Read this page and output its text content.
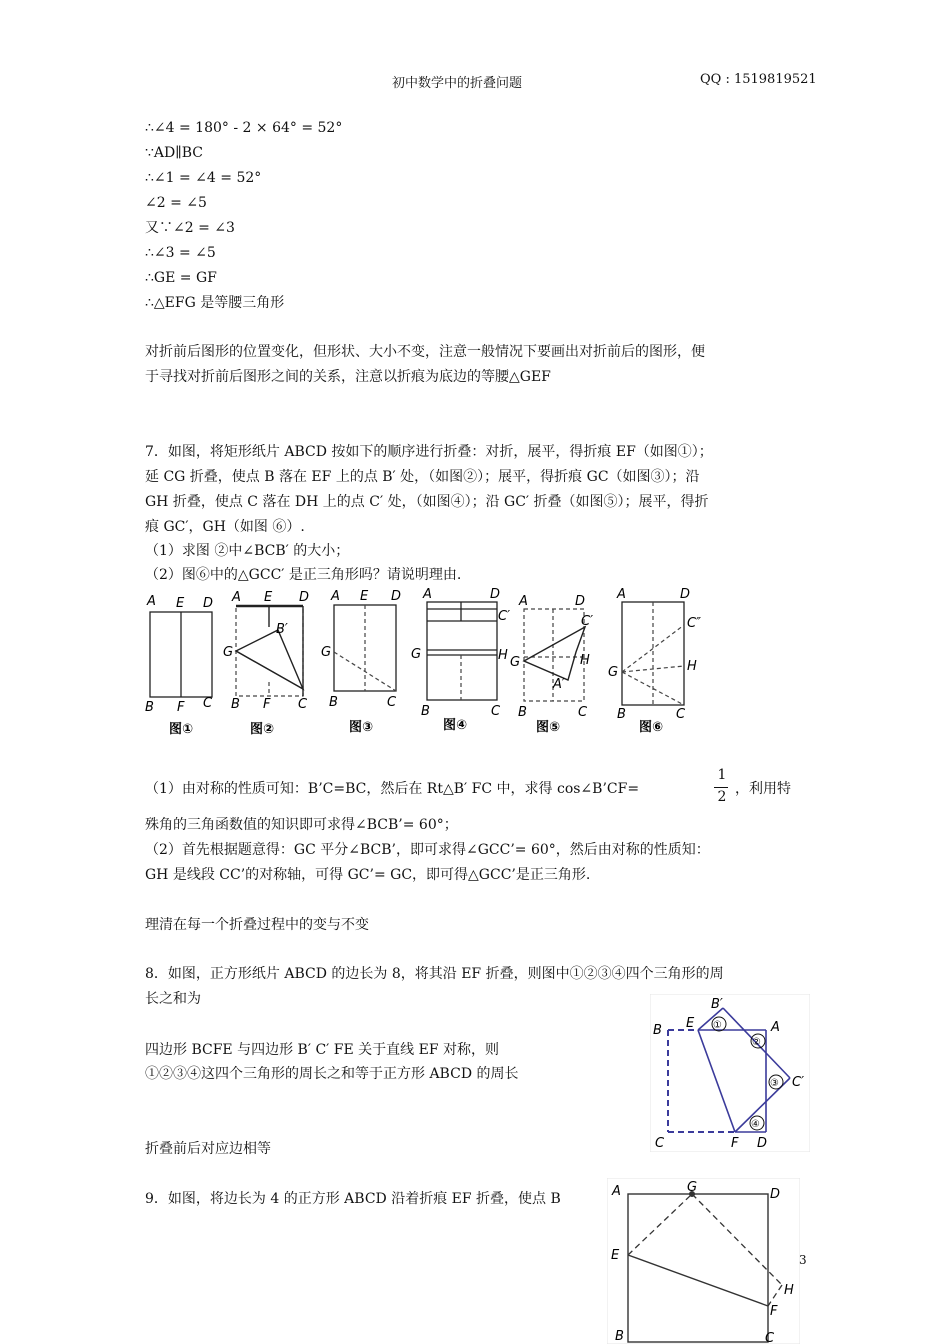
初中数学中的折叠问题	QQ : 1519819521
∴∠4 = 180° - 2 × 64° = 52°
∵AD∥BC
∴∠1 = ∠4 = 52°
∠2 = ∠5
又∵∠2 = ∠3
∴∠3 = ∠5
∴GE = GF
∴△EFG 是等腰三角形
对折前后图形的位置变化，但形状、大小不变，注意一般情况下要画出对折前后的图形，便
于寻找对折前后图形之间的关系，注意以折痕为底边的等腰△GEF
7．如图，将矩形纸片 ABCD 按如下的顺序进行折叠：对折，展平，得折痕 EF（如图①）；
延 CG 折叠，使点 B 落在 EF 上的点 B′ 处，（如图②）；展平，得折痕 GC（如图③）；沿
GH 折叠，使点 C 落在 DH 上的点 C′ 处，（如图④）；沿 GC′ 折叠（如图⑤）；展平，得折
痕 GC′，GH（如图 ⑥）.
（1）求图 ②中∠BCB′ 的大小；
（2）图⑥中的△GCC′ 是正三角形吗？请说明理由.
A E D
B F C
A E D
B′
G
B F C
A E D
G
B	C
A	D
C′
G	H
B	C
A	D
C′
G	H
A′
B	C
A	D
C″
G	H
B	C
图①	图②	图③	图④	图⑤	图⑥
（1）由对称的性质可知：B’C=BC，然后在 Rt△B′ FC 中，求得 cos∠B’CF=
1
2 ，利用特
殊角的三角函数值的知识即可求得∠BCB’= 60°；
（2）首先根据题意得：GC 平分∠BCB’，即可求得∠GCC’= 60°，然后由对称的性质知：
GH 是线段 CC’的对称轴，可得 GC’= GC，即可得△GCC’是正三角形.
理清在每一个折叠过程中的变与不变
8．如图，正方形纸片 ABCD 的边长为 8，将其沿 EF 折叠，则图中①②③④四个三角形的周
长之和为
四边形 BCFE 与四边形 B′ C′ FE 关于直线 EF 对称，则
①②③④这四个三角形的周长之和等于正方形 ABCD 的周长
折叠前后对应边相等
9．如图，将边长为 4 的正方形 ABCD 沿着折痕 EF 折叠，使点 B
B′
B E	A
C′
C	F D
①
②
③
④
A	G	D
E
H
F
B	C
3
